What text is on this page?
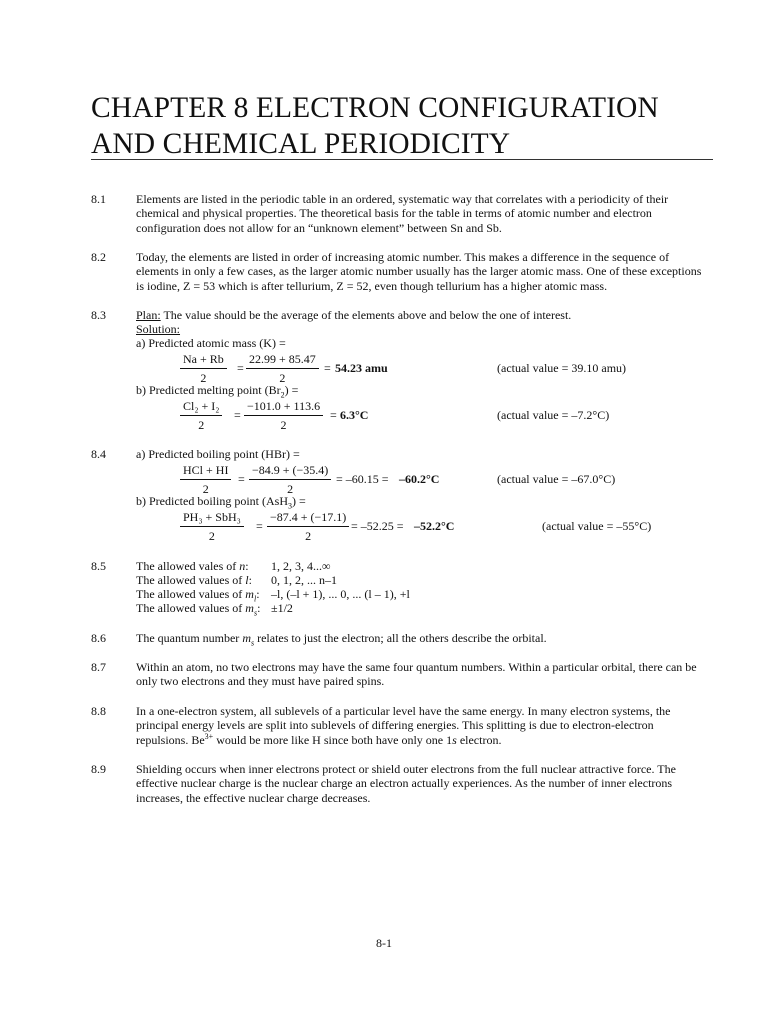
CHAPTER 8 ELECTRON CONFIGURATION
AND CHEMICAL PERIODICITY
8.1	Elements are listed in the periodic table in an ordered, systematic way that correlates with a periodicity of their chemical and physical properties. The theoretical basis for the table in terms of atomic number and electron configuration does not allow for an “unknown element” between Sn and Sb.
8.2	Today, the elements are listed in order of increasing atomic number. This makes a difference in the sequence of elements in only a few cases, as the larger atomic number usually has the larger atomic mass. One of these exceptions is iodine, Z = 53 which is after tellurium, Z = 52, even though tellurium has a higher atomic mass.
8.3	Plan: The value should be the average of the elements above and below the one of interest.
Solution:
a) Predicted atomic mass (K) =
$\frac{Na + Rb}{2} = \frac{22.99 + 85.47}{2} = 54.23$ amu	(actual value = 39.10 amu)
b) Predicted melting point $(Br_2)$ =
$\frac{\text{Cl₂ + I₂}}{2} = \frac{-101.0 + 113.6}{2} = 6.3^\circ C$	(actual value = –7.2°C)
8.4	a) Predicted boiling point (HBr) =
HCl + HI
2
= $\frac{-84.9 + (-35.4)}{2} = -60.15 = -60.2^\circ C$	(actual value = –67.0°C)
b) Predicted boiling point (AsH$_3$) =
PH₃ + SbH₃
2
= $\frac{-87.4 + (-17.1)}{2} = -52.25 = -52.2^\circ C$	(actual value = –55°C)
8.5	The allowed vales of n: 1, 2, 3, 4...∞
The allowed values of l: 0, 1, 2, ... n–1
The allowed values of $m_l$: –l, (–l + 1), ... 0, ... (l – 1), +l
The allowed values of $m_s$: ±1/2
8.6	The quantum number $m_s$ relates to just the electron; all the others describe the orbital.
8.7	Within an atom, no two electrons may have the same four quantum numbers. Within a particular orbital, there can be only two electrons and they must have paired spins.
8.8	In a one-electron system, all sublevels of a particular level have the same energy. In many electron systems, the principal energy levels are split into sublevels of differing energies. This splitting is due to electron-electron repulsions. $Be^{3+}$ would be more like H since both have only one 1s electron.
8.9	Shielding occurs when inner electrons protect or shield outer electrons from the full nuclear attractive force. The effective nuclear charge is the nuclear charge an electron actually experiences. As the number of inner electrons increases, the effective nuclear charge decreases.
8-1
